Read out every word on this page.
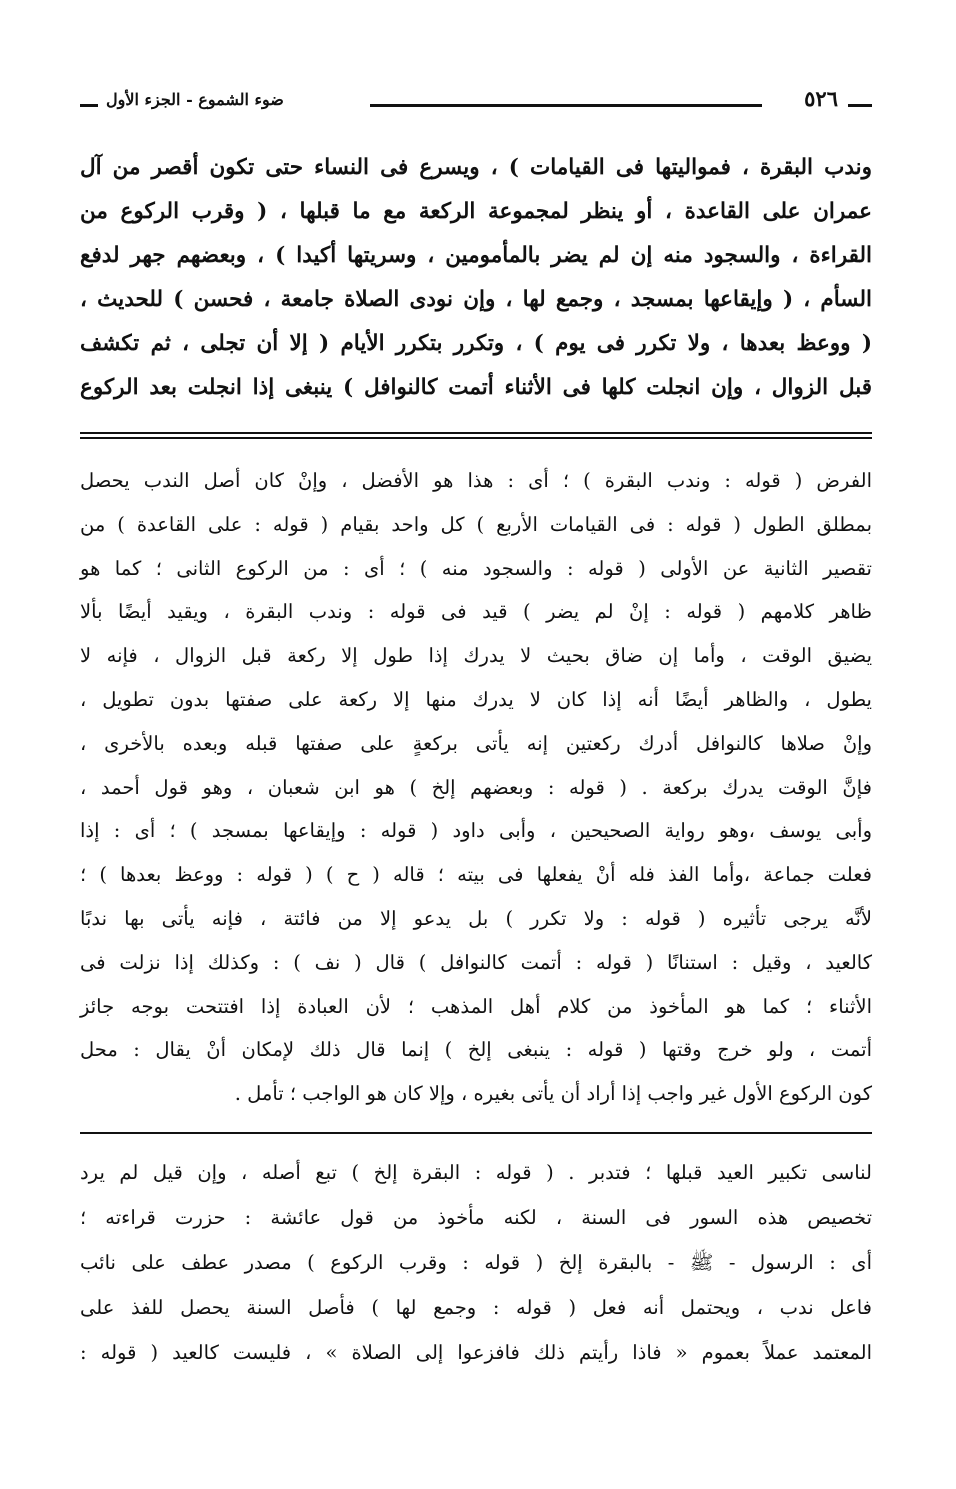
٥٢٦
ضوء الشموع - الجزء الأول

وندب البقرة ، فمواليتها فى القيامات ) ، ويسرع فى النساء حتى تكون أقصر من آل

عمران على القاعدة ، أو ينظر لمجموعة الركعة مع ما قبلها ، ( وقرب الركوع من

القراءة ، والسجود منه إن لم يضر بالمأمومين ، وسريتها أكيدا ) ، وبعضهم جهر لدفع

السأم ، ( وإيقاعها بمسجد ، وجمع لها ، وإن نودى الصلاة جامعة ، فحسن ) للحديث ،

( ووعظ بعدها ، ولا تكرر فى يوم ) ، وتكرر بتكرر الأيام ( إلا أن تجلى ، ثم تكشف

قبل الزوال ، وإن انجلت كلها فى الأثناء أتمت كالنوافل ) ينبغى إذا انجلت بعد الركوع

الفرض ( قوله : وندب البقرة ) ؛ أى : هذا هو الأفضل ، وإنْ كان أصل الندب يحصل

بمطلق الطول ( قوله : فى القيامات الأربع ) كل واحد بقيام ( قوله : على القاعدة ) من

تقصير الثانية عن الأولى ( قوله : والسجود منه ) ؛ أى : من الركوع الثانى ؛ كما هو

ظاهر كلامهم ( قوله : إنْ لم يضر ) قيد فى قوله : وندب البقرة ، ويقيد أيضًا بألا

يضيق الوقت ، وأما إن ضاق بحيث لا يدرك إذا طول إلا ركعة قبل الزوال ، فإنه لا

يطول ، والظاهر أيضًا أنه إذا كان لا يدرك منها إلا ركعة على صفتها بدون تطويل ،

وإنْ صلاها كالنوافل أدرك ركعتين إنه يأتى بركعةٍ على صفتها قبله وبعده بالأخرى ،

فإنَّ الوقت يدرك بركعة . ( قوله : وبعضهم إلخ ) هو ابن شعبان ، وهو قول أحمد ،

وأبى يوسف ،وهو رواية الصحيحين ، وأبى داود ( قوله : وإيقاعها بمسجد ) ؛ أى : إذا

فعلت جماعة ،وأما الفذ فله أنْ يفعلها فى بيته ؛ قاله ( ح ) ( قوله : ووعظ بعدها ) ؛

لأنَّه يرجى تأثيره ( قوله : ولا تكرر ) بل يدعو إلا من فائتة ، فإنه يأتى بها ندبًا

كالعيد ، وقيل : استنانًا ( قوله : أتمت كالنوافل ) قال ( نف ) : وكذلك إذا نزلت فى

الأثناء ؛ كما هو المأخوذ من كلام أهل المذهب ؛ لأن العبادة إذا افتتحت بوجه جائز

أتمت ، ولو خرج وقتها ( قوله : ينبغى إلخ ) إنما قال ذلك لإمكان أنْ يقال : محل

كون الركوع الأول غير واجب إذا أراد أن يأتى بغيره ، وإلا كان هو الواجب ؛ تأمل .

لناسى تكبير العيد قبلها ؛ فتدبر . ( قوله : البقرة إلخ ) تبع أصله ، وإن قيل لم يرد

تخصيص هذه السور فى السنة ، لكنه مأخوذ من قول عائشة : حزرت قراءته ؛

أى : الرسول - ﷺ - بالبقرة إلخ ( قوله : وقرب الركوع ) مصدر عطف على نائب

فاعل ندب ، ويحتمل أنه فعل ( قوله : وجمع لها ) فأصل السنة يحصل للفذ على

المعتمد عملاً بعموم « فاذا رأيتم ذلك فافزعوا إلى الصلاة » ، فليست كالعيد ( قوله :
